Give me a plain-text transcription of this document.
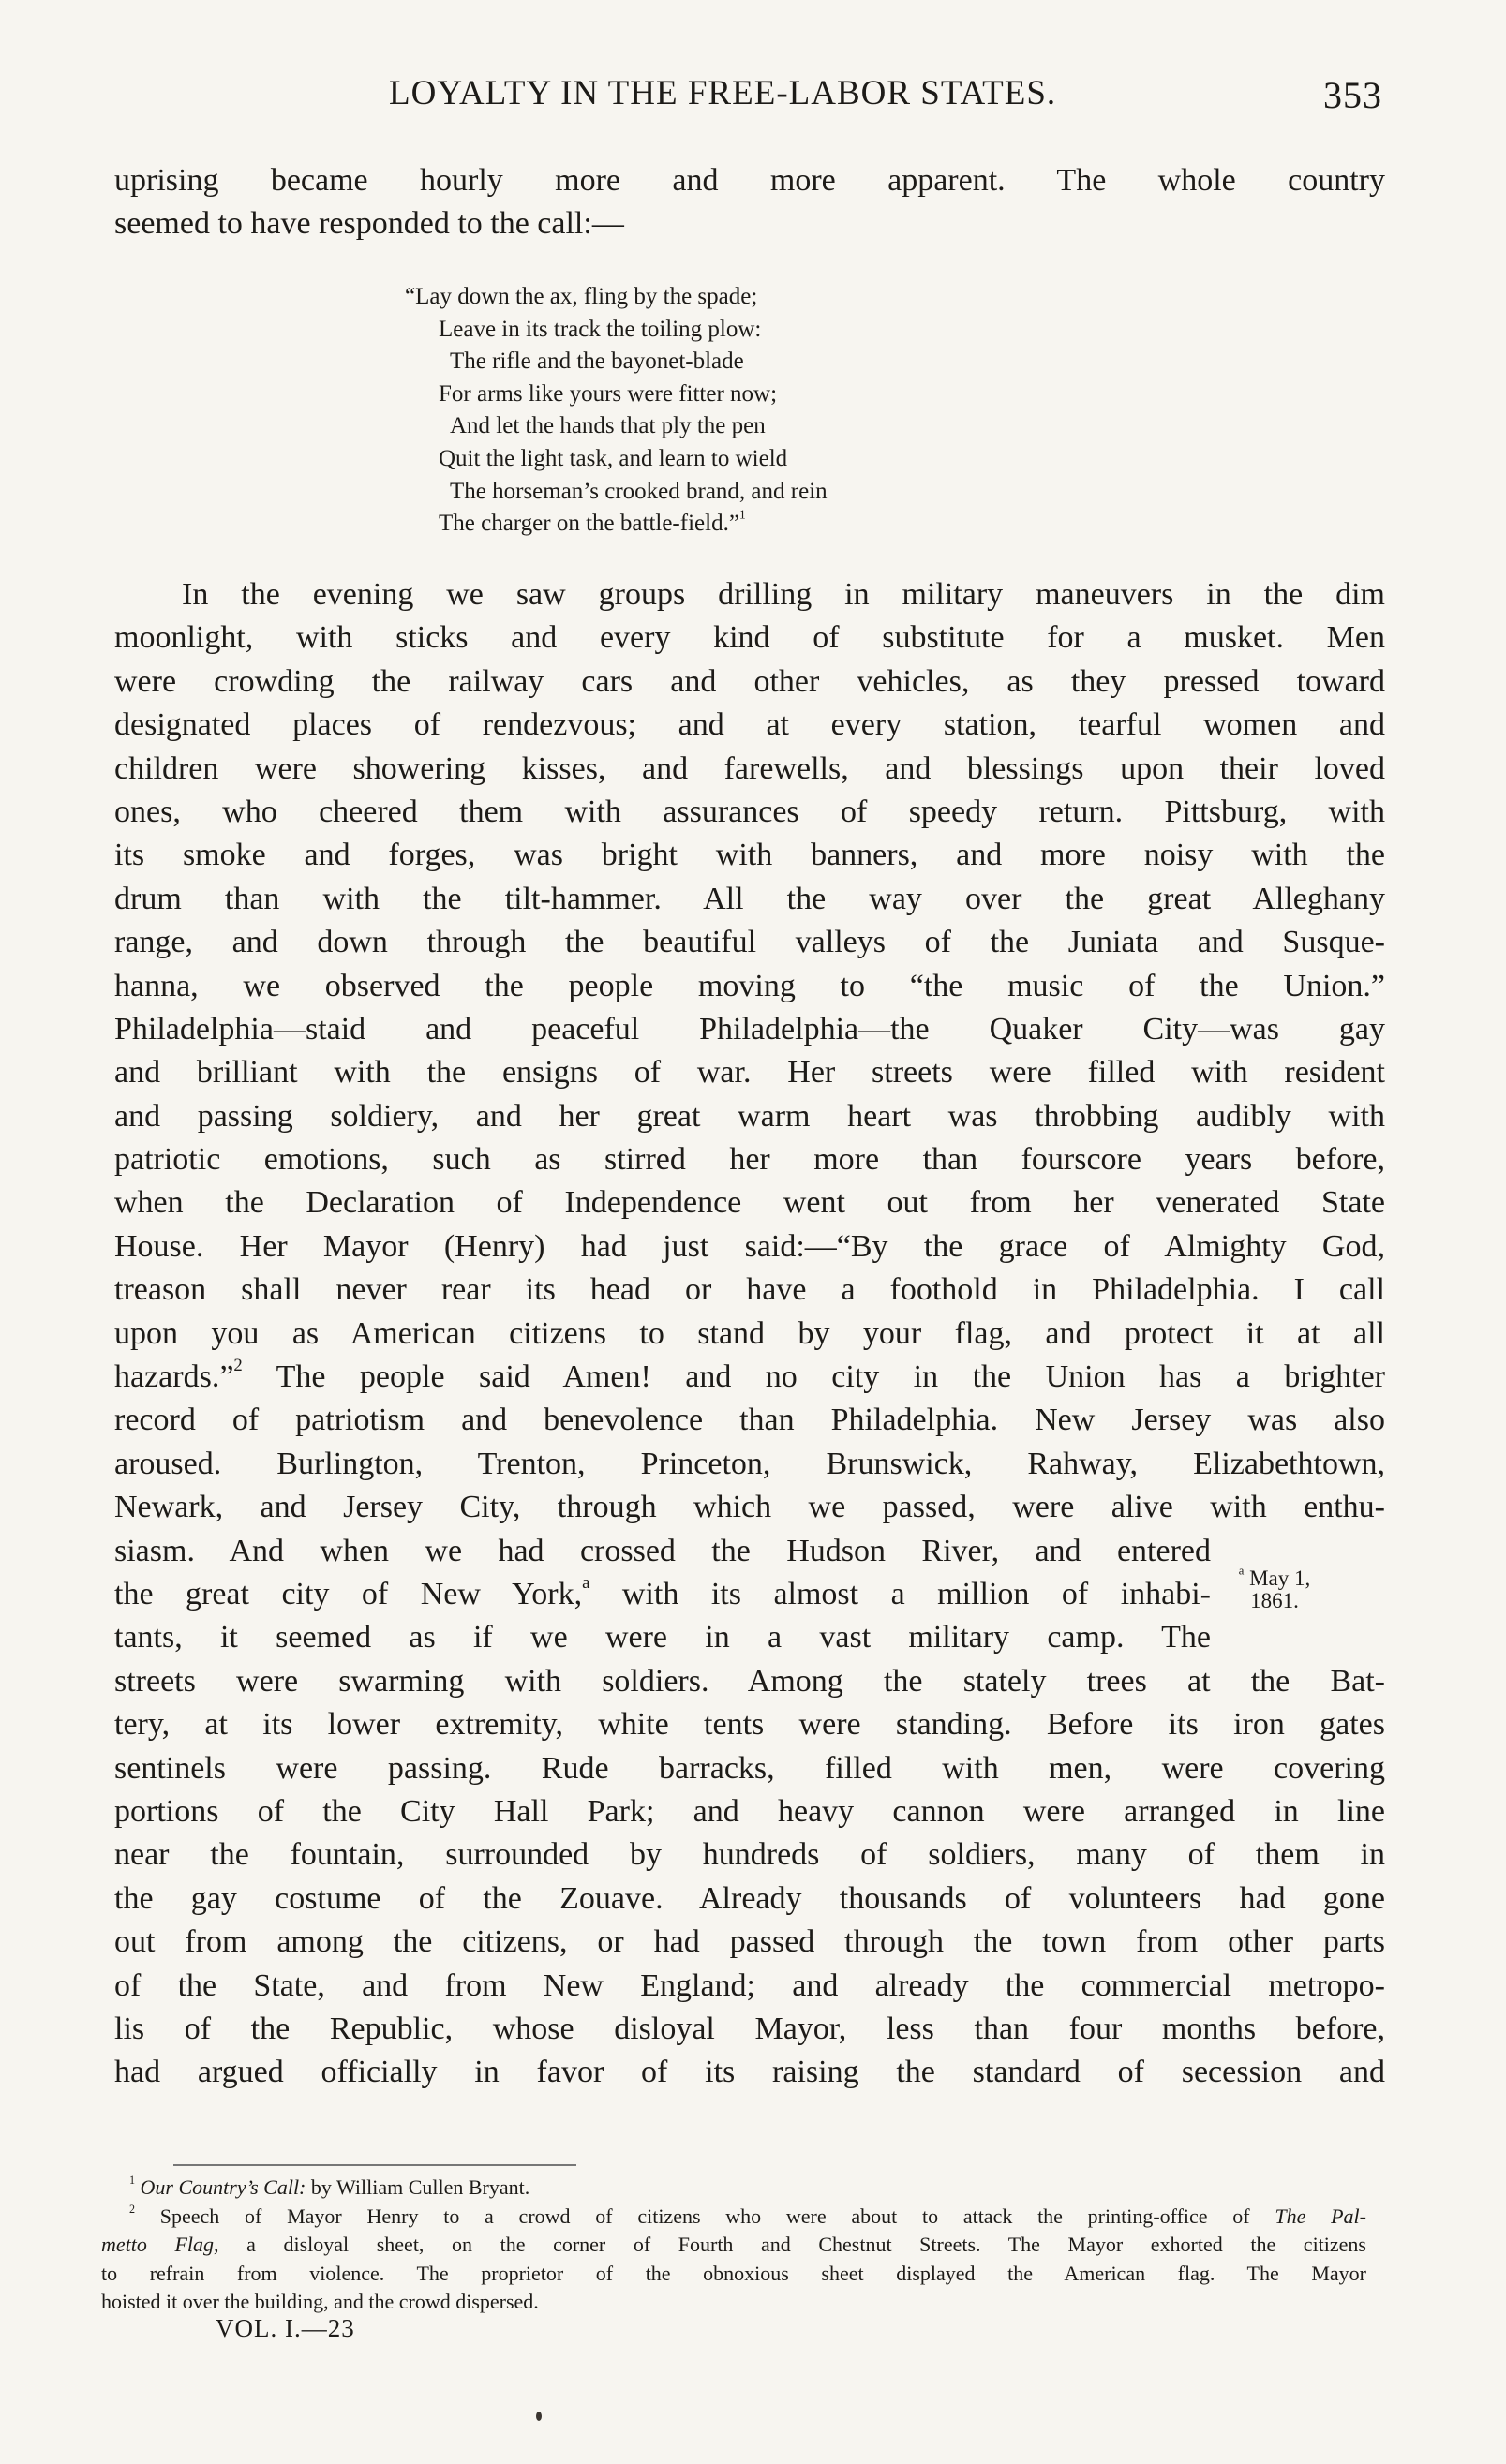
LOYALTY IN THE FREE-LABOR STATES.	353
uprising became hourly more and more apparent. The whole country
seemed to have responded to the call:—
“Lay down the ax, fling by the spade;
Leave in its track the toiling plow:
The rifle and the bayonet-blade
For arms like yours were fitter now;
And let the hands that ply the pen
Quit the light task, and learn to wield
The horseman’s crooked brand, and rein
The charger on the battle-field.”$^1$
In the evening we saw groups drilling in military maneuvers in the dim
moonlight, with sticks and every kind of substitute for a musket. Men
were crowding the railway cars and other vehicles, as they pressed toward
designated places of rendezvous; and at every station, tearful women and
children were showering kisses, and farewells, and blessings upon their loved
ones, who cheered them with assurances of speedy return. Pittsburg, with
its smoke and forges, was bright with banners, and more noisy with the
drum than with the tilt-hammer. All the way over the great Alleghany
range, and down through the beautiful valleys of the Juniata and Susque-
hanna, we observed the people moving to “the music of the Union.”
Philadelphia—staid and peaceful Philadelphia—the Quaker City—was gay
and brilliant with the ensigns of war. Her streets were filled with resident
and passing soldiery, and her great warm heart was throbbing audibly with
patriotic emotions, such as stirred her more than fourscore years before,
when the Declaration of Independence went out from her venerated State
House. Her Mayor (Henry) had just said:—“By the grace of Almighty God,
treason shall never rear its head or have a foothold in Philadelphia. I call
upon you as American citizens to stand by your flag, and protect it at all
hazards.”$^2$ The people said Amen! and no city in the Union has a brighter
record of patriotism and benevolence than Philadelphia. New Jersey was also
aroused. Burlington, Trenton, Princeton, Brunswick, Rahway, Elizabethtown,
Newark, and Jersey City, through which we passed, were alive with enthu-
siasm. And when we had crossed the Hudson River, and entered
the great city of New York,$^a$ with its almost a million of inhabi-
tants, it seemed as if we were in a vast military camp. The
streets were swarming with soldiers. Among the stately trees at the Bat-
tery, at its lower extremity, white tents were standing. Before its iron gates
sentinels were passing. Rude barracks, filled with men, were covering
portions of the City Hall Park; and heavy cannon were arranged in line
near the fountain, surrounded by hundreds of soldiers, many of them in
the gay costume of the Zouave. Already thousands of volunteers had gone
out from among the citizens, or had passed through the town from other parts
of the State, and from New England; and already the commercial metropo-
lis of the Republic, whose disloyal Mayor, less than four months before,
had argued officially in favor of its raising the standard of secession and
$^a$ May 1,
1861.
$^1$ Our Country’s Call: by William Cullen Bryant.
$^2$ Speech of Mayor Henry to a crowd of citizens who were about to attack the printing-office of The Pal-
metto Flag, a disloyal sheet, on the corner of Fourth and Chestnut Streets. The Mayor exhorted the citizens
to refrain from violence. The proprietor of the obnoxious sheet displayed the American flag. The Mayor
hoisted it over the building, and the crowd dispersed.
VOL. I.—23
